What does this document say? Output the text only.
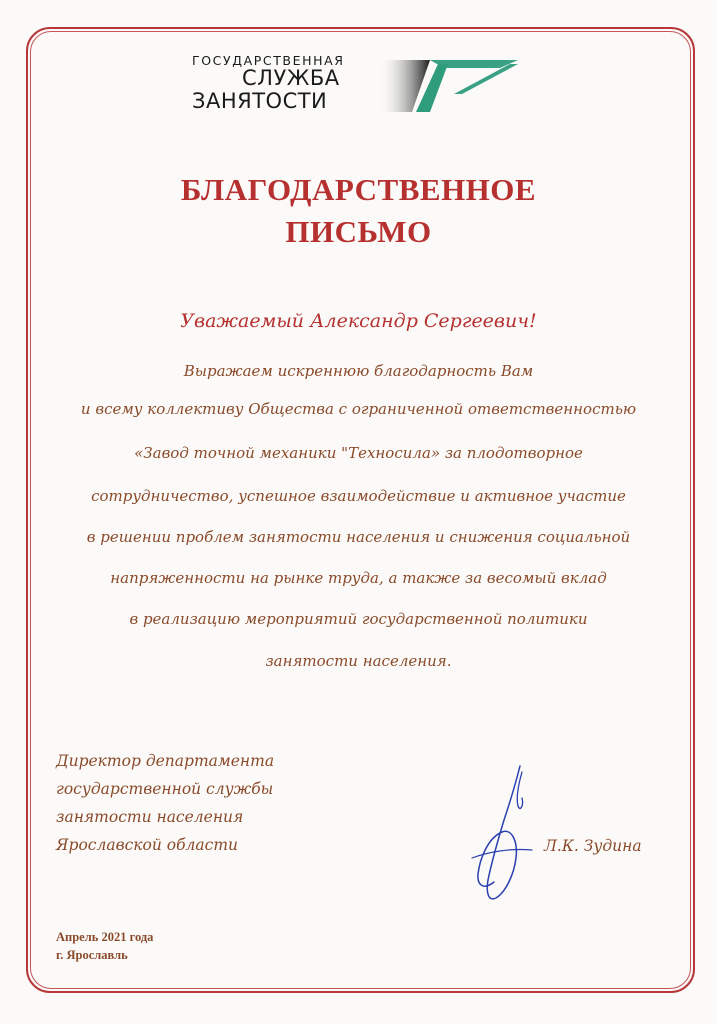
ГОСУДАРСТВЕННАЯ
СЛУЖБА
ЗАНЯТОСТИ
БЛАГОДАРСТВЕННОЕ
ПИСЬМО
Уважаемый Александр Сергеевич!
Выражаем искреннюю благодарность Вам
и всему коллективу Общества с ограниченной ответственностью
«Завод точной механики "Техносила» за плодотворное
сотрудничество, успешное взаимодействие и активное участие
в решении проблем занятости населения и снижения социальной
напряженности на рынке труда, а также за весомый вклад
в реализацию мероприятий государственной политики
занятости населения.
Директор департамента
государственной службы
занятости населения
Ярославской области	Л.К. Зудина
Апрель 2021 года
г. Ярославль
